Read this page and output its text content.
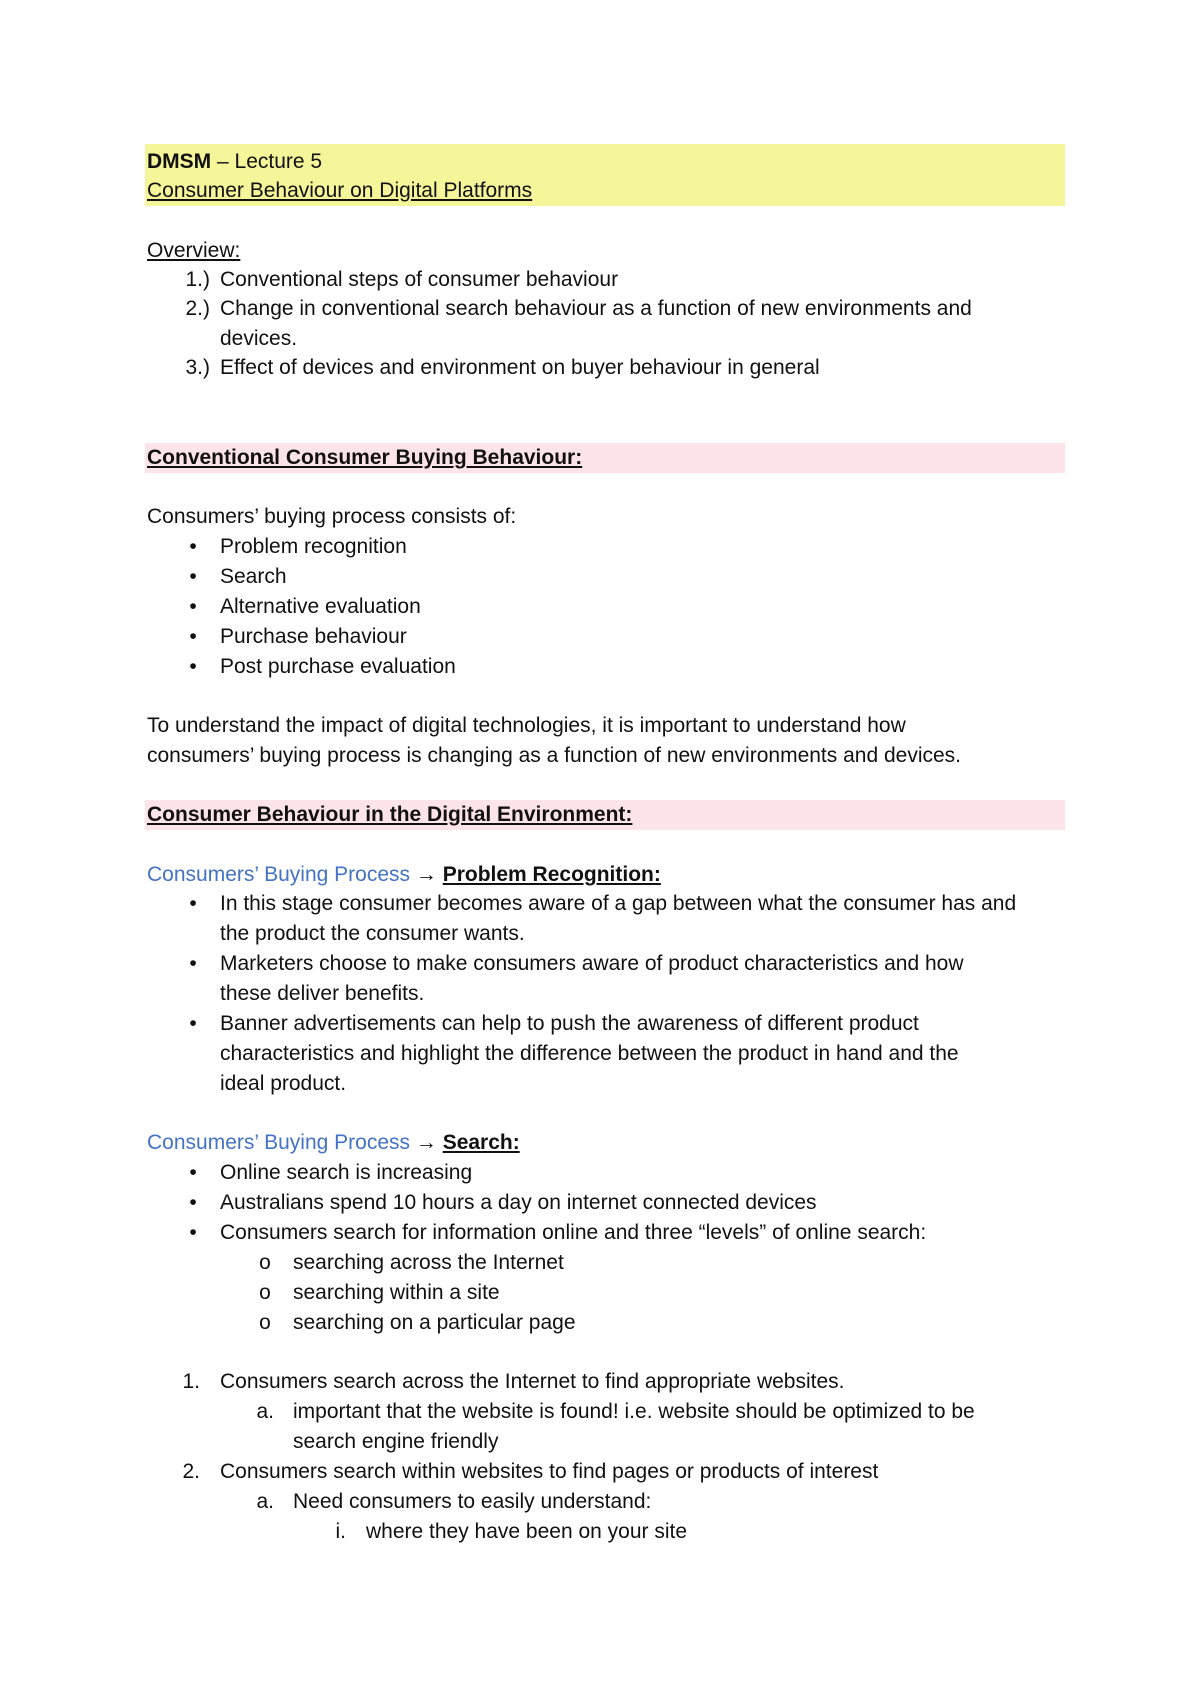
DMSM – Lecture 5
Consumer Behaviour on Digital Platforms
Overview:
1.) Conventional steps of consumer behaviour
2.) Change in conventional search behaviour as a function of new environments and
devices.
3.) Effect of devices and environment on buyer behaviour in general
Conventional Consumer Buying Behaviour:
Consumers’ buying process consists of:
•	Problem recognition
•	Search
•	Alternative evaluation
•	Purchase behaviour
•	Post purchase evaluation
To understand the impact of digital technologies, it is important to understand how
consumers’ buying process is changing as a function of new environments and devices.
Consumer Behaviour in the Digital Environment:
Consumers’ Buying Process → Problem Recognition:
•	In this stage consumer becomes aware of a gap between what the consumer has and
the product the consumer wants.
•	Marketers choose to make consumers aware of product characteristics and how
these deliver benefits.
•	Banner advertisements can help to push the awareness of different product
characteristics and highlight the difference between the product in hand and the
ideal product.
Consumers’ Buying Process → Search:
•	Online search is increasing
•	Australians spend 10 hours a day on internet connected devices
•	Consumers search for information online and three “levels” of online search:
o searching across the Internet
o searching within a site
o searching on a particular page
1. Consumers search across the Internet to find appropriate websites.
a. important that the website is found! i.e. website should be optimized to be
search engine friendly
2. Consumers search within websites to find pages or products of interest
a. Need consumers to easily understand:
i. where they have been on your site
